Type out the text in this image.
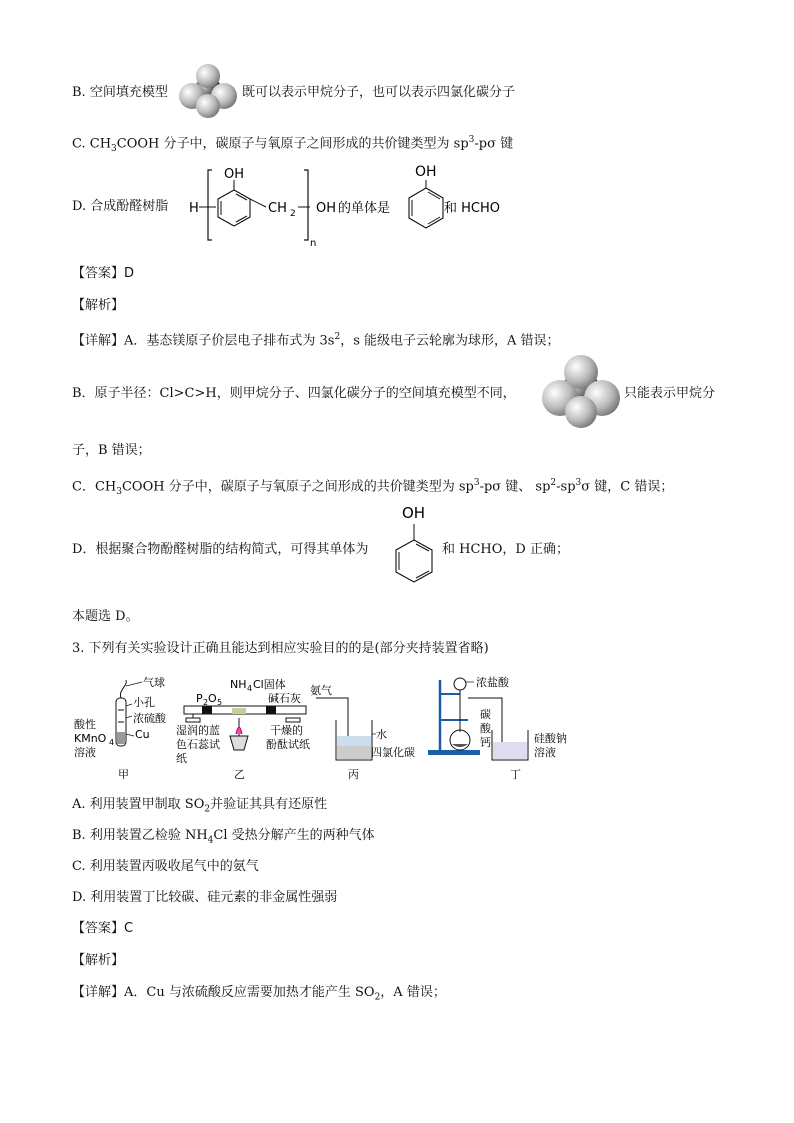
B. 空间填充模型	既可以表示甲烷分子，也可以表示四氯化碳分子
C. $CH_3COOH$ 分子中，碳原子与氧原子之间形成的共价键类型为 $sp^3-p\sigma$ 键
D. 合成酚醛树脂 H
OH
CH 2
n
OH 的单体是
OH
和 HCHO
【答案】D
【解析】
【详解】A．基态镁原子价层电子排布式为 $3s^2$，s 能级电子云轮廓为球形，A 错误；
B．原子半径：Cl>C>H，则甲烷分子、四氯化碳分子的空间填充模型不同，	只能表示甲烷分
子，B 错误；
C．$CH_3COOH$ 分子中，碳原子与氧原子之间形成的共价键类型为 $sp^3-p\sigma$ 键、 $sp^2-sp^3\sigma$ 键，C 错误；
D．根据聚合物酚醛树脂的结构简式，可得其单体为
OH
和 HCHO，D 正确；
本题选 D。
3. 下列有关实验设计正确且能达到相应实验目的的是(部分夹持装置省略)
气球
小孔
浓硫酸
Cu
酸性
KMnO 4
溶液
甲
NH 4 Cl固体
P 2 O 5	碱石灰
湿润的蓝
色石蕊试
纸
干燥的
酚酞试纸
乙
氨气
水
四氯化碳
丙
浓盐酸
碳
酸
钙	硅酸钠
溶液
丁
A. 利用装置甲制取 $SO_2$并验证其具有还原性
B. 利用装置乙检验 $NH_4Cl$ 受热分解产生的两种气体
C. 利用装置丙吸收尾气中的氨气
D. 利用装置丁比较碳、硅元素的非金属性强弱
【答案】C
【解析】
【详解】A．Cu 与浓硫酸反应需要加热才能产生 $SO_2$，A 错误；
